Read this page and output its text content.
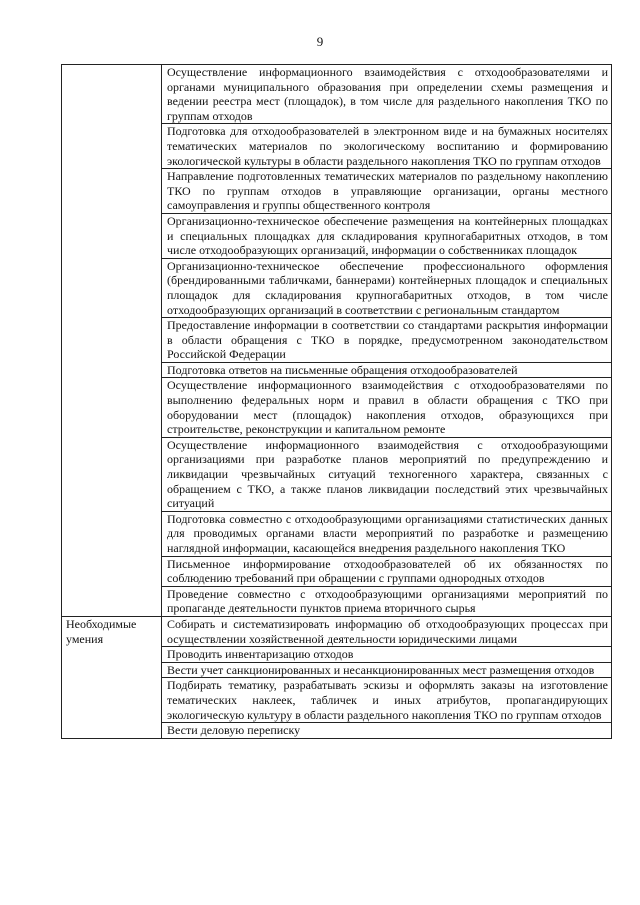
9
	Осуществление информационного взаимодействия с отходообразователями и органами муниципального образования при определении схемы размещения и ведении реестра мест (площадок), в том числе для раздельного накопления ТКО по группам отходов
	Подготовка для отходообразователей в электронном виде и на бумажных носителях тематических материалов по экологическому воспитанию и формированию экологической культуры в области раздельного накопления ТКО по группам отходов
	Направление подготовленных тематических материалов по раздельному накоплению ТКО по группам отходов в управляющие организации, органы местного самоуправления и группы общественного контроля
	Организационно-техническое обеспечение размещения на контейнерных площадках и специальных площадках для складирования крупногабаритных отходов, в том числе отходообразующих организаций, информации о собственниках площадок
	Организационно-техническое обеспечение профессионального оформления (брендированными табличками, баннерами) контейнерных площадок и специальных площадок для складирования крупногабаритных отходов, в том числе отходообразующих организаций в соответствии с региональным стандартом
	Предоставление информации в соответствии со стандартами раскрытия информации в области обращения с ТКО в порядке, предусмотренном законодательством Российской Федерации
	Подготовка ответов на письменные обращения отходообразователей
	Осуществление информационного взаимодействия с отходообразователями по выполнению федеральных норм и правил в области обращения с ТКО при оборудовании мест (площадок) накопления отходов, образующихся при строительстве, реконструкции и капитальном ремонте
	Осуществление информационного взаимодействия с отходообразующими организациями при разработке планов мероприятий по предупреждению и ликвидации чрезвычайных ситуаций техногенного характера, связанных с обращением с ТКО, а также планов ликвидации последствий этих чрезвычайных ситуаций
	Подготовка совместно с отходообразующими организациями статистических данных для проводимых органами власти мероприятий по разработке и размещению наглядной информации, касающейся внедрения раздельного накопления ТКО
	Письменное информирование отходообразователей об их обязанностях по соблюдению требований при обращении с группами однородных отходов
	Проведение совместно с отходообразующими организациями мероприятий по пропаганде деятельности пунктов приема вторичного сырья
Необходимые умения	Собирать и систематизировать информацию об отходообразующих процессах при осуществлении хозяйственной деятельности юридическими лицами
	Проводить инвентаризацию отходов
	Вести учет санкционированных и несанкционированных мест размещения отходов
	Подбирать тематику, разрабатывать эскизы и оформлять заказы на изготовление тематических наклеек, табличек и иных атрибутов, пропагандирующих экологическую культуру в области раздельного накопления ТКО по группам отходов
	Вести деловую переписку
